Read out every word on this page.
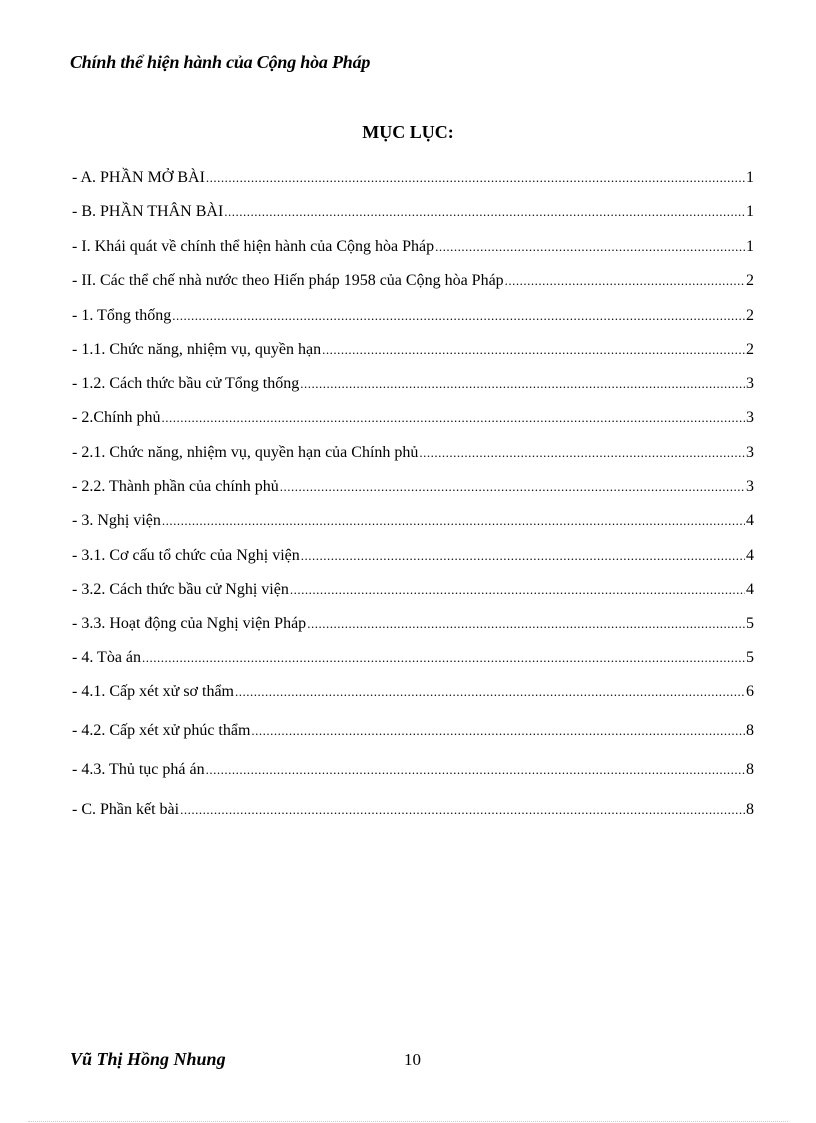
Chính thể hiện hành của Cộng hòa Pháp
MỤC LỤC:
- A. PHẦN MỞ BÀI .....	1
- B. PHẦN THÂN BÀI .....	1
- I. Khái quát về chính thể hiện hành của Cộng hòa Pháp .....	1
- II. Các thể chế nhà nước theo Hiến pháp 1958 của Cộng hòa Pháp .....	2
- 1. Tổng thống .....	2
- 1.1. Chức năng, nhiệm vụ, quyền hạn .....	2
- 1.2. Cách thức bầu cử Tổng thống .....	3
- 2.Chính phủ .....	3
- 2.1. Chức năng, nhiệm vụ, quyền hạn của Chính phủ .....	3
- 2.2. Thành phần của chính phủ .....	3
- 3. Nghị viện .....	4
- 3.1. Cơ cấu tổ chức của Nghị viện .....	4
- 3.2. Cách thức bầu cử Nghị viện .....	4
- 3.3. Hoạt động của Nghị viện Pháp .....	5
- 4. Tòa án .....	5
- 4.1. Cấp xét xử sơ thẩm .....	6
- 4.2. Cấp xét xử phúc thẩm .....	8
- 4.3. Thủ tục phá án .....	8
- C. Phần kết bài .....	8
Vũ Thị Hồng Nhung	10
